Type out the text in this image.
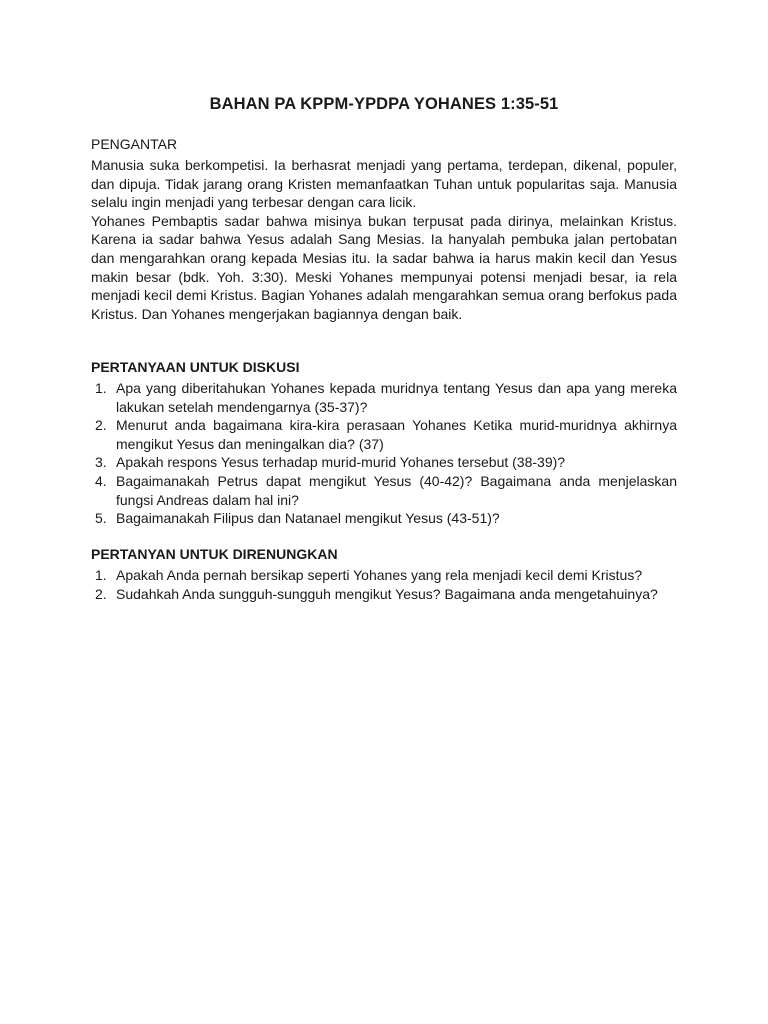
BAHAN PA KPPM-YPDPA YOHANES 1:35-51
PENGANTAR

Manusia suka berkompetisi. Ia berhasrat menjadi yang pertama, terdepan, dikenal, populer, dan dipuja. Tidak jarang orang Kristen memanfaatkan Tuhan untuk popularitas saja. Manusia selalu ingin menjadi yang terbesar dengan cara licik.

Yohanes Pembaptis sadar bahwa misinya bukan terpusat pada dirinya, melainkan Kristus. Karena ia sadar bahwa Yesus adalah Sang Mesias. Ia hanyalah pembuka jalan pertobatan dan mengarahkan orang kepada Mesias itu. Ia sadar bahwa ia harus makin kecil dan Yesus makin besar (bdk. Yoh. 3:30). Meski Yohanes mempunyai potensi menjadi besar, ia rela menjadi kecil demi Kristus. Bagian Yohanes adalah mengarahkan semua orang berfokus pada Kristus. Dan Yohanes mengerjakan bagiannya dengan baik.

PERTANYAAN UNTUK DISKUSI
1. Apa yang diberitahukan Yohanes kepada muridnya tentang Yesus dan apa yang mereka lakukan setelah mendengarnya (35-37)?
2. Menurut anda bagaimana kira-kira perasaan Yohanes Ketika murid-muridnya akhirnya mengikut Yesus dan meningalkan dia? (37)
3. Apakah respons Yesus terhadap murid-murid Yohanes tersebut (38-39)?
4. Bagaimanakah Petrus dapat mengikut Yesus (40-42)? Bagaimana anda menjelaskan fungsi Andreas dalam hal ini?
5. Bagaimanakah Filipus dan Natanael mengikut Yesus (43-51)?
PERTANYAN UNTUK DIRENUNGKAN
1. Apakah Anda pernah bersikap seperti Yohanes yang rela menjadi kecil demi Kristus?
2. Sudahkah Anda sungguh-sungguh mengikut Yesus? Bagaimana anda mengetahuinya?
